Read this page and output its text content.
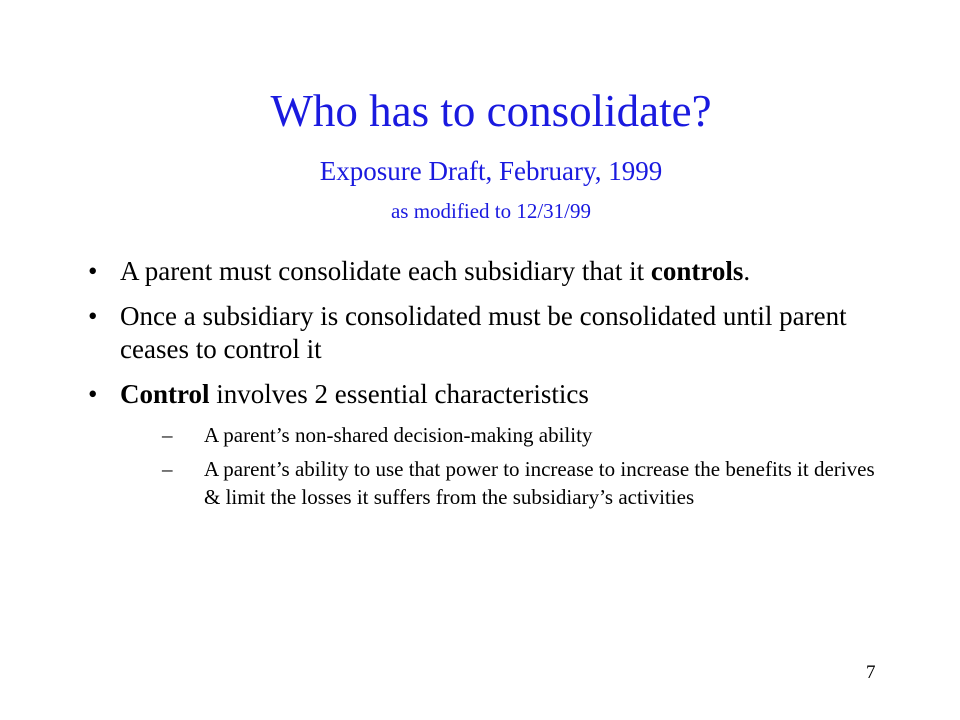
Who has to consolidate?
Exposure Draft, February, 1999
as modified to 12/31/99
• A parent must consolidate each subsidiary that it controls.
• Once a subsidiary is consolidated must be consolidated until parent ceases to control it
• Control involves 2 essential characteristics
– A parent’s non-shared decision-making ability
– A parent’s ability to use that power to increase to increase the benefits it derives & limit the losses it suffers from the subsidiary’s activities
7
